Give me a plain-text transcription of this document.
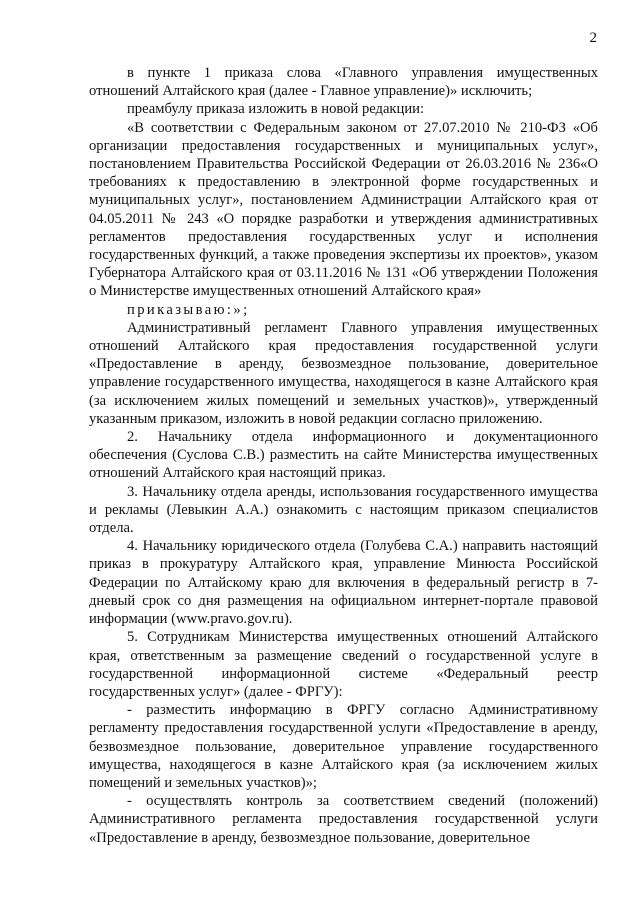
2

в пункте 1 приказа слова «Главного управления имущественных отношений Алтайского края (далее - Главное управление)» исключить;

преамбулу приказа изложить в новой редакции:

«В соответствии с Федеральным законом от 27.07.2010 № 210-ФЗ «Об организации предоставления государственных и муниципальных услуг», постановлением Правительства Российской Федерации от 26.03.2016 № 236«О требованиях к предоставлению в электронной форме государственных и муниципальных услуг», постановлением Администрации Алтайского края от 04.05.2011 № 243 «О порядке разработки и утверждения административных регламентов предоставления государственных услуг и исполнения государственных функций, а также проведения экспертизы их проектов», указом Губернатора Алтайского края от 03.11.2016 № 131 «Об утверждении Положения о Министерстве имущественных отношений Алтайского края»

приказываю:»;

Административный регламент Главного управления имущественных отношений Алтайского края предоставления государственной услуги «Предоставление в аренду, безвозмездное пользование, доверительное управление государственного имущества, находящегося в казне Алтайского края (за исключением жилых помещений и земельных участков)», утвержденный указанным приказом, изложить в новой редакции согласно приложению.

2. Начальнику отдела информационного и документационного обеспечения (Суслова С.В.) разместить на сайте Министерства имущественных отношений Алтайского края настоящий приказ.

3. Начальнику отдела аренды, использования государственного имущества и рекламы (Левыкин А.А.) ознакомить с настоящим приказом специалистов отдела.

4. Начальнику юридического отдела (Голубева С.А.) направить настоящий приказ в прокуратуру Алтайского края, управление Минюста Российской Федерации по Алтайскому краю для включения в федеральный регистр в 7-дневый срок со дня размещения на официальном интернет-портале правовой информации (www.pravo.gov.ru).

5. Сотрудникам Министерства имущественных отношений Алтайского края, ответственным за размещение сведений о государственной услуге в государственной информационной системе «Федеральный реестр государственных услуг» (далее - ФРГУ):

- разместить информацию в ФРГУ согласно Административному регламенту предоставления государственной услуги «Предоставление в аренду, безвозмездное пользование, доверительное управление государственного имущества, находящегося в казне Алтайского края (за исключением жилых помещений и земельных участков)»;

- осуществлять контроль за соответствием сведений (положений) Административного регламента предоставления государственной услуги «Предоставление в аренду, безвозмездное пользование, доверительное
